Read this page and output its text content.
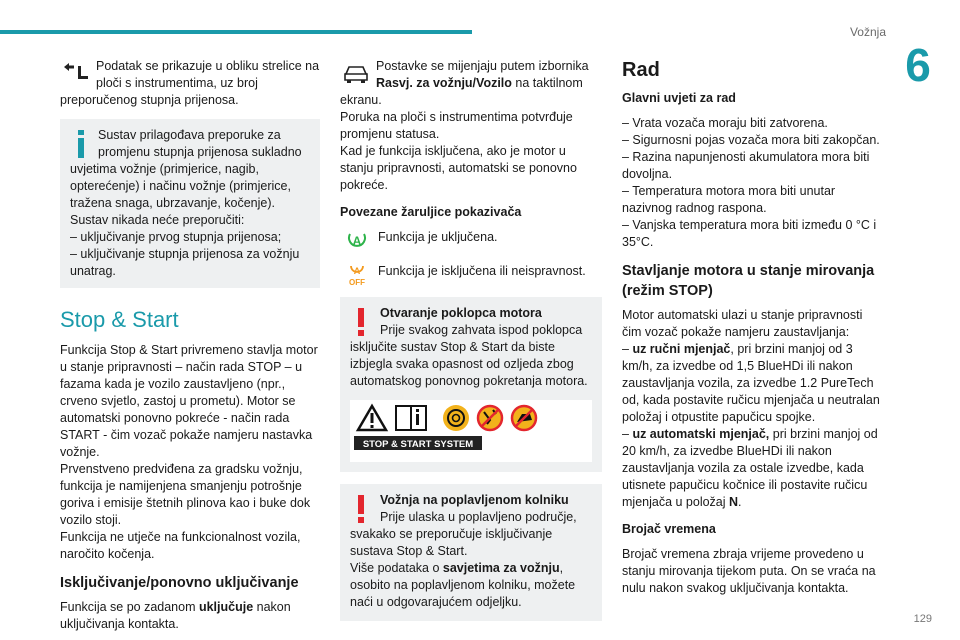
Vožnja
6

Podatak se prikazuje u obliku strelice na ploči s instrumentima, uz broj preporučenog stupnja prijenosa.

Sustav prilagođava preporuke za promjenu stupnja prijenosa sukladno uvjetima vožnje (primjerice, nagib, opterećenje) i načinu vožnje (primjerice, tražena snaga, ubrzavanje, kočenje).

Sustav nikada neće preporučiti:

– uključivanje prvog stupnja prijenosa;

– uključivanje stupnja prijenosa za vožnju unatrag.

Stop & Start

Funkcija Stop & Start privremeno stavlja motor u stanje pripravnosti – način rada STOP – u fazama kada je vozilo zaustavljeno (npr., crveno svjetlo, zastoj u prometu). Motor se automatski ponovno pokreće - način rada START - čim vozač pokaže namjeru nastavka vožnje.

Prvenstveno predviđena za gradsku vožnju, funkcija je namijenjena smanjenju potrošnje goriva i emisije štetnih plinova kao i buke dok vozilo stoji.

Funkcija ne utječe na funkcionalnost vozila, naročito kočenja.

Isključivanje/ponovno uključivanje

Funkcija se po zadanom uključuje nakon uključivanja kontakta.

Postavke se mijenjaju putem izbornika Rasvj. za vožnju/Vozilo na taktilnom ekranu.

Poruka na ploči s instrumentima potvrđuje promjenu statusa.

Kad je funkcija isključena, ako je motor u stanju pripravnosti, automatski se ponovno pokreće.

Povezane žaruljice pokazivača
A Funkcija je uključena.

A
OFF

Funkcija je isključena ili neispravnost.

Otvaranje poklopca motora

Prije svakog zahvata ispod poklopca isključite sustav Stop & Start da biste izbjegla svaka opasnost od ozljeda zbog automatskog ponovnog pokretanja motora.

STOP & START SYSTEM

Vožnja na poplavljenom kolniku

Prije ulaska u poplavljeno područje, svakako se preporučuje isključivanje sustava Stop & Start.

Više podataka o savjetima za vožnju, osobito na poplavljenom kolniku, možete naći u odgovarajućem odjeljku.

Rad
Glavni uvjeti za rad

– Vrata vozača moraju biti zatvorena.

– Sigurnosni pojas vozača mora biti zakopčan.

– Razina napunjenosti akumulatora mora biti dovoljna.

– Temperatura motora mora biti unutar nazivnog radnog raspona.

– Vanjska temperatura mora biti između 0 °C i 35°C.

Stavljanje motora u stanje mirovanja (režim STOP)

Motor automatski ulazi u stanje pripravnosti čim vozač pokaže namjeru zaustavljanja:

– uz ručni mjenjač, pri brzini manjoj od 3 km/h, za izvedbe od 1,5 BlueHDi ili nakon zaustavljanja vozila, za izvedbe 1.2 PureTech od, kada postavite ručicu mjenjača u neutralan položaj i otpustite papučicu spojke.

– uz automatski mjenjač, pri brzini manjoj od 20 km/h, za izvedbe BlueHDi ili nakon zaustavljanja vozila za ostale izvedbe, kada utisnete papučicu kočnice ili postavite ručicu mjenjača u položaj N.

Brojač vremena

Brojač vremena zbraja vrijeme provedeno u stanju mirovanja tijekom puta. On se vraća na nulu nakon svakog uključivanja kontakta.

129
